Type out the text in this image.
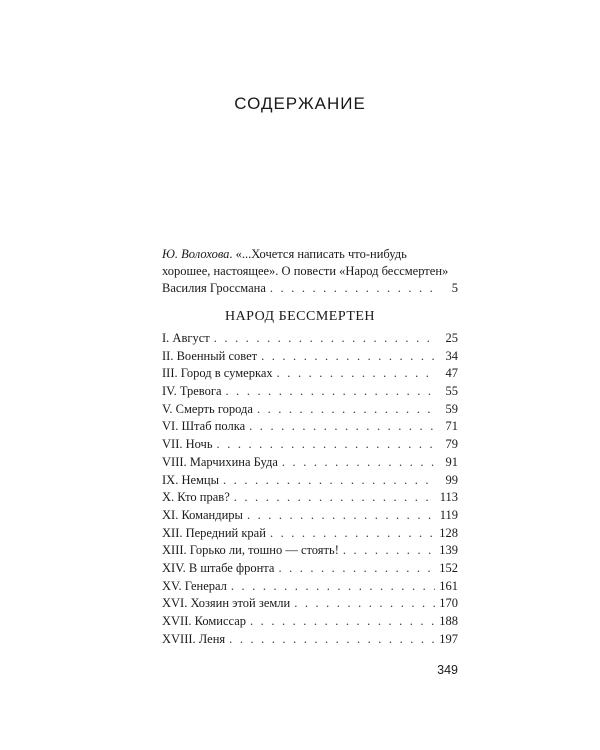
СОДЕРЖАНИЕ
Ю. Волохова. «...Хочется написать что-нибудь
хорошее, настоящее». О повести «Народ бессмертен»
Василия Гроссмана . . .	5
НАРОД БЕССМЕРТЕН
I. Август . . .	25
II. Военный совет . . .	34
III. Город в сумерках . . .	47
IV. Тревога . . .	55
V. Смерть города . . .	59
VI. Штаб полка . . .	71
VII. Ночь . . .	79
VIII. Марчихина Буда . . .	91
IX. Немцы . . .	99
X. Кто прав? . . .	113
XI. Командиры . . .	119
XII. Передний край . . .	128
XIII. Горько ли, тошно — стоять! . . .	139
XIV. В штабе фронта . . .	152
XV. Генерал . . .	161
XVI. Хозяин этой земли . . .	170
XVII. Комиссар . . .	188
XVIII. Леня . . .	197
349
